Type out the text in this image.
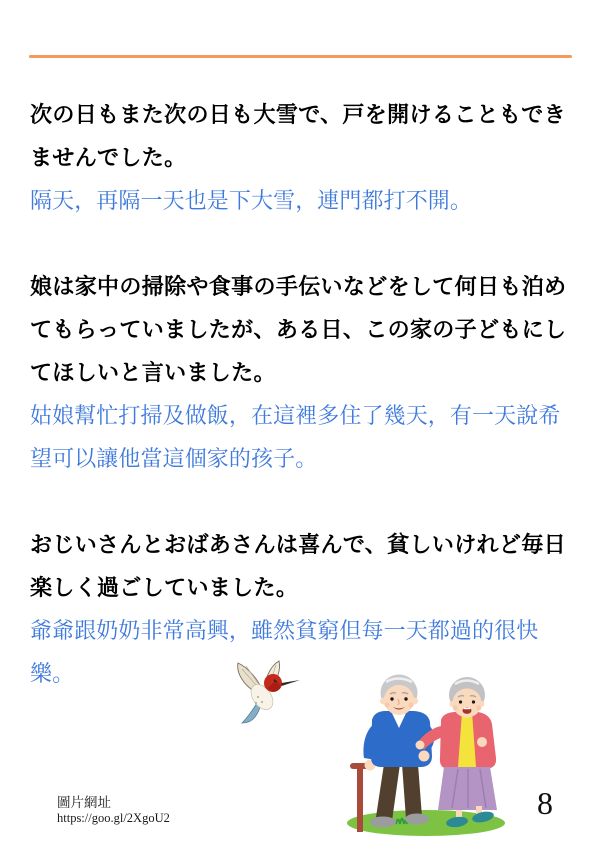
次の日もまた次の日も大雪で、戸を開けることもでき
ませんでした。
隔天，再隔一天也是下大雪，連門都打不開。
娘は家中の掃除や食事の手伝いなどをして何日も泊め
てもらっていましたが、ある日、この家の子どもにし
てほしいと言いました。
姑娘幫忙打掃及做飯，在這裡多住了幾天，有一天說希
望可以讓他當這個家的孩子。
おじいさんとおばあさんは喜んで、貧しいけれど毎日
楽しく過ごしていました。
爺爺跟奶奶非常高興，雖然貧窮但每一天都過的很快
樂。
圖片網址
https://goo.gl/2XgoU2	8
